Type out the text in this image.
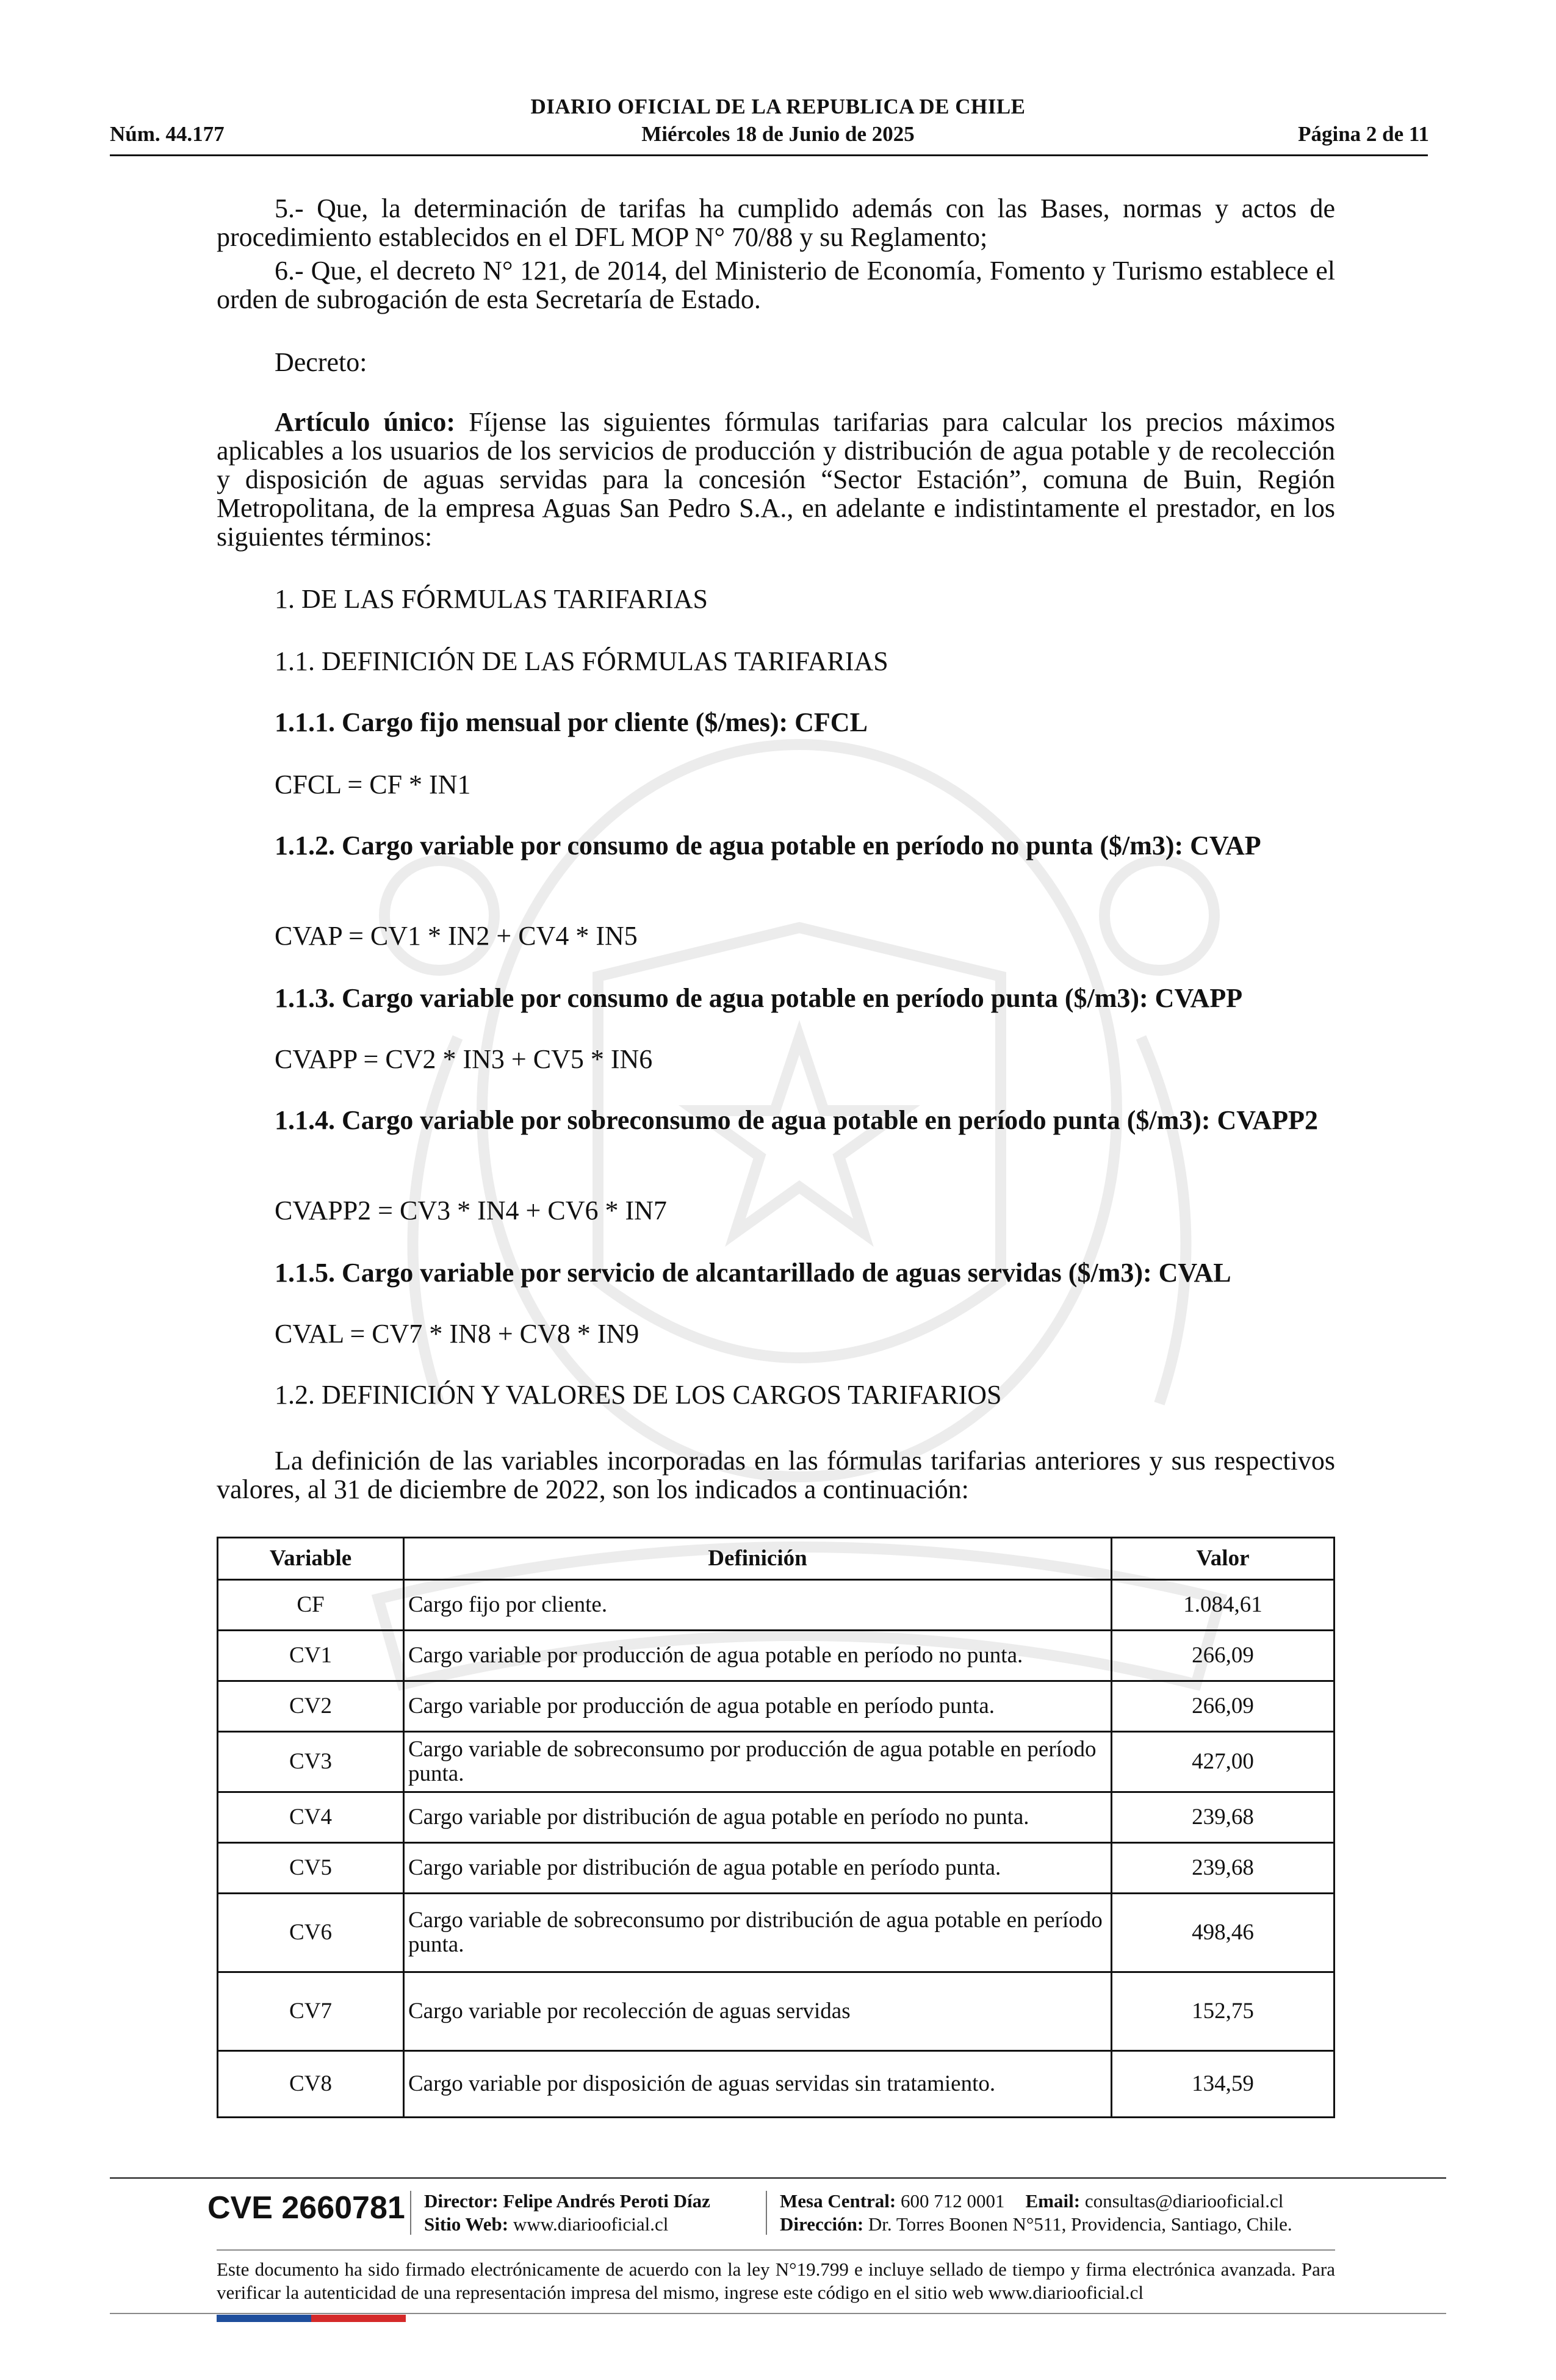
DIARIO OFICIAL DE LA REPUBLICA DE CHILE
Núm. 44.177	Miércoles 18 de Junio de 2025	Página 2 de 11
5.- Que, la determinación de tarifas ha cumplido además con las Bases, normas y actos de procedimiento establecidos en el DFL MOP N° 70/88 y su Reglamento;
6.- Que, el decreto N° 121, de 2014, del Ministerio de Economía, Fomento y Turismo establece el orden de subrogación de esta Secretaría de Estado.
Decreto:
Artículo único: Fíjense las siguientes fórmulas tarifarias para calcular los precios máximos aplicables a los usuarios de los servicios de producción y distribución de agua potable y de recolección y disposición de aguas servidas para la concesión “Sector Estación”, comuna de Buin, Región Metropolitana, de la empresa Aguas San Pedro S.A., en adelante e indistintamente el prestador, en los siguientes términos:
1. DE LAS FÓRMULAS TARIFARIAS
1.1. DEFINICIÓN DE LAS FÓRMULAS TARIFARIAS
1.1.1. Cargo fijo mensual por cliente ($/mes): CFCL
CFCL = CF * IN1
1.1.2. Cargo variable por consumo de agua potable en período no punta ($/m3): CVAP
CVAP = CV1 * IN2 + CV4 * IN5
1.1.3. Cargo variable por consumo de agua potable en período punta ($/m3): CVAPP
CVAPP = CV2 * IN3 + CV5 * IN6
1.1.4. Cargo variable por sobreconsumo de agua potable en período punta ($/m3): CVAPP2
CVAPP2 = CV3 * IN4 + CV6 * IN7
1.1.5. Cargo variable por servicio de alcantarillado de aguas servidas ($/m3): CVAL
CVAL = CV7 * IN8 + CV8 * IN9
1.2. DEFINICIÓN Y VALORES DE LOS CARGOS TARIFARIOS
La definición de las variables incorporadas en las fórmulas tarifarias anteriores y sus respectivos valores, al 31 de diciembre de 2022, son los indicados a continuación:
Variable	Definición	Valor
CF	Cargo fijo por cliente.	1.084,61
CV1	Cargo variable por producción de agua potable en período no punta.	266,09
CV2	Cargo variable por producción de agua potable en período punta.	266,09
CV3	Cargo variable de sobreconsumo por producción de agua potable en período punta.	427,00
CV4	Cargo variable por distribución de agua potable en período no punta.	239,68
CV5	Cargo variable por distribución de agua potable en período punta.	239,68
CV6	Cargo variable de sobreconsumo por distribución de agua potable en período punta.	498,46
CV7	Cargo variable por recolección de aguas servidas	152,75
CV8	Cargo variable por disposición de aguas servidas sin tratamiento.	134,59
CVE 2660781 Director: Felipe Andrés Peroti Díaz
Sitio Web: www.diariooficial.cl
Mesa Central: 600 712 0001 Email: consultas@diariooficial.cl
Dirección: Dr. Torres Boonen N°511, Providencia, Santiago, Chile.
Este documento ha sido firmado electrónicamente de acuerdo con la ley N°19.799 e incluye sellado de tiempo y firma electrónica avanzada. Para verificar la autenticidad de una representación impresa del mismo, ingrese este código en el sitio web www.diariooficial.cl
